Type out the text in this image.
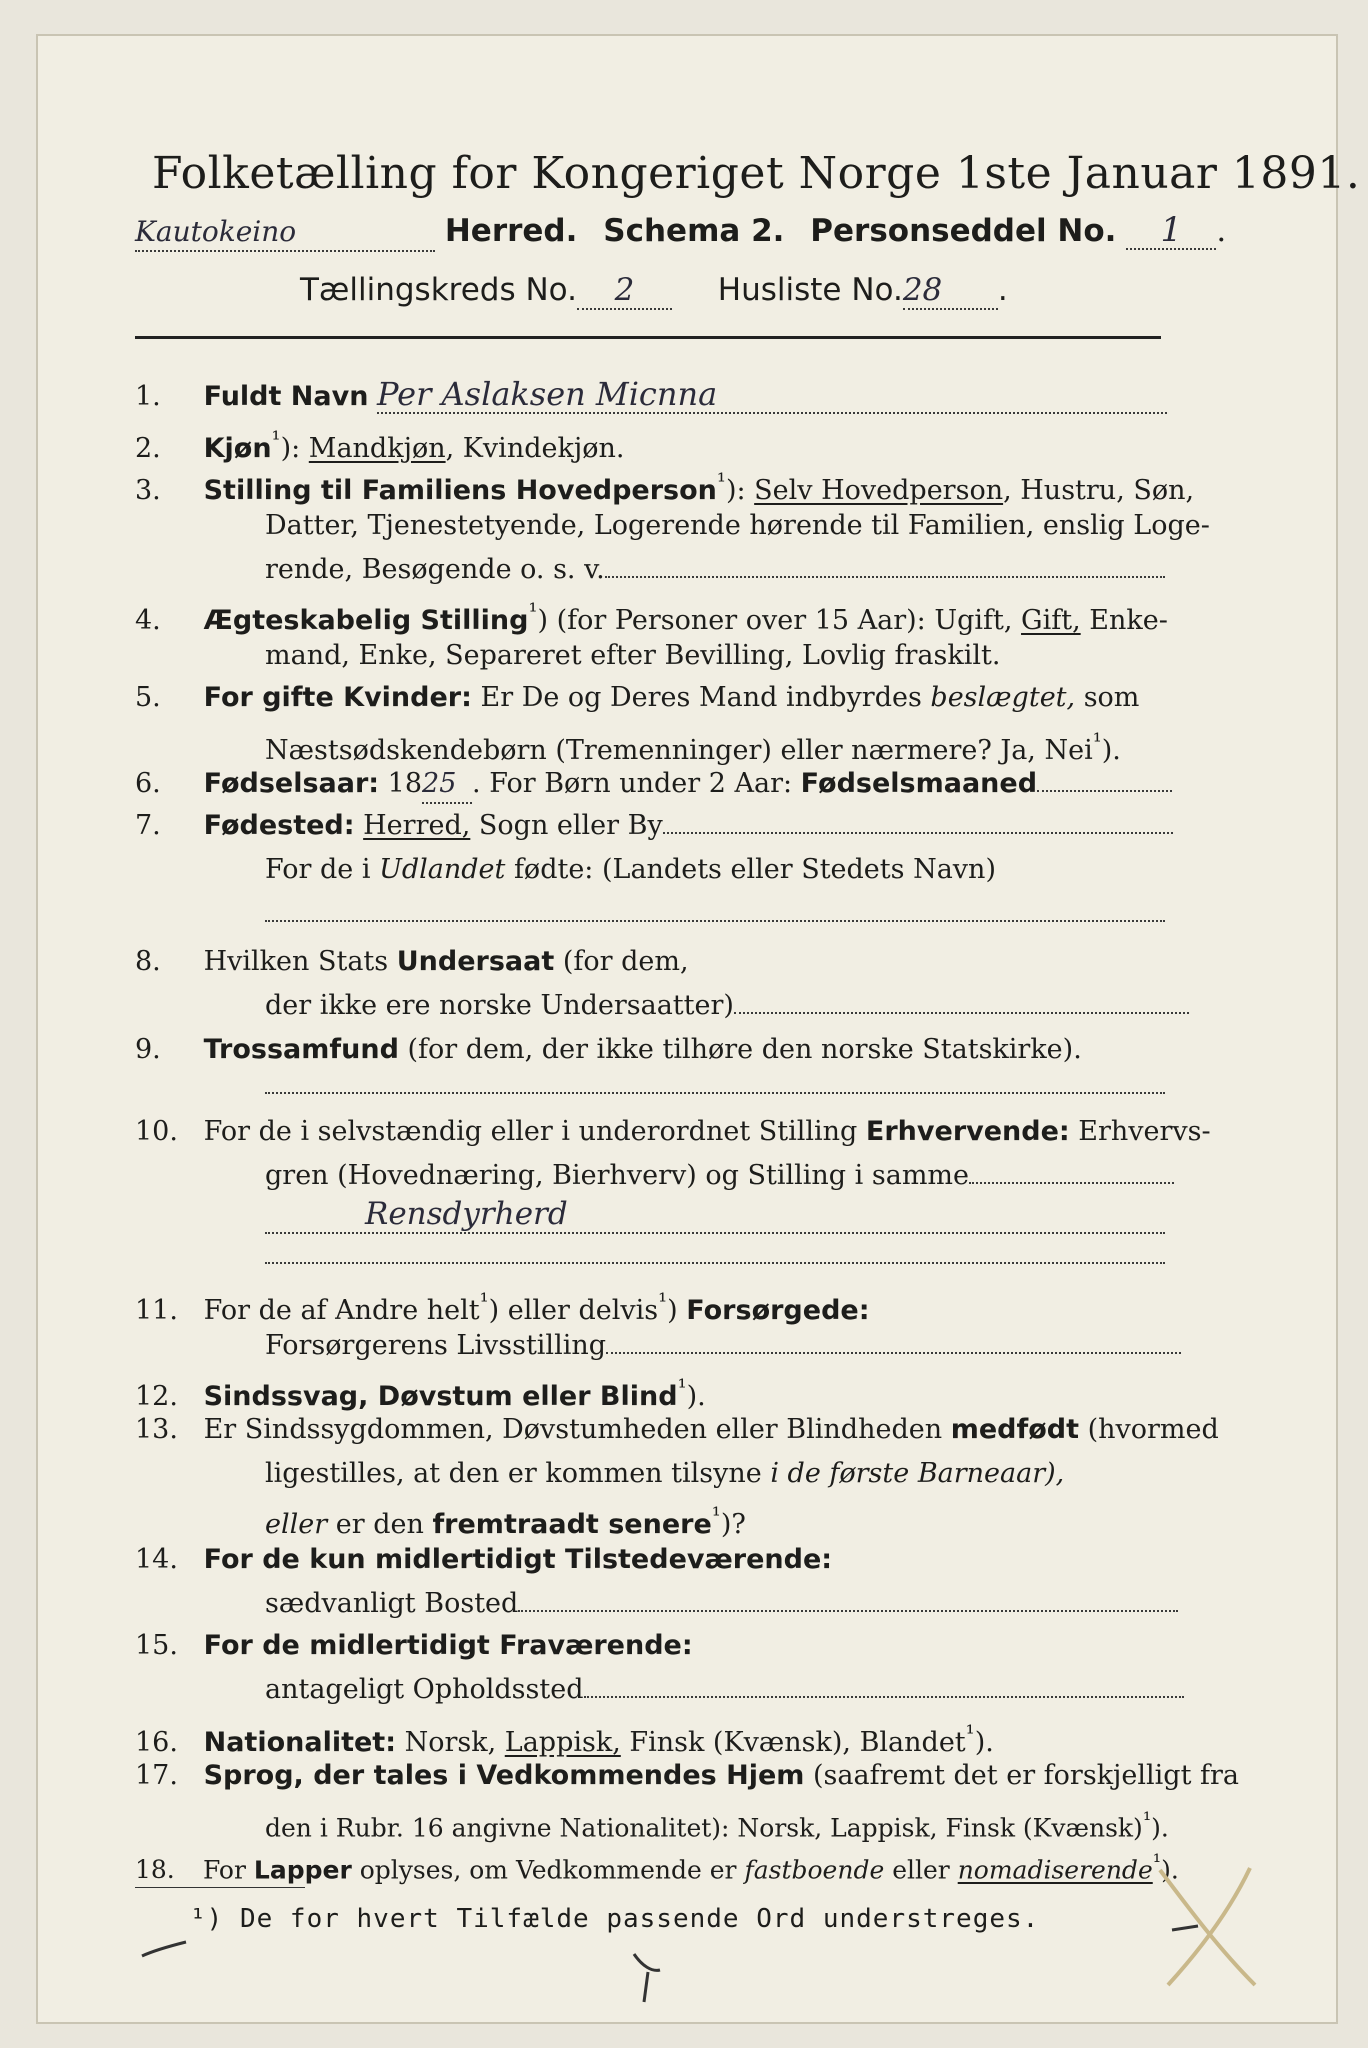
Folketælling for Kongeriget Norge 1ste Januar 1891.
Kautokeino	Herred. Schema 2. Personseddel No. 1 .
Tællingskreds No. 2	Husliste No.28 .
1. Fuldt Navn Per Aslaksen Micnna
2. Kjøn$^{^1}$): Mandkjøn, Kvindekjøn.
3. Stilling til Familiens Hovedperson$^{^1}$): Selv Hovedperson, Hustru, Søn,
Datter, Tjenestetyende, Logerende hørende til Familien, enslig Loge-
rende, Besøgende o. s. v.
4. Ægteskabelig Stilling$^{^1}$) (for Personer over 15 Aar): Ugift, Gift, Enke-
mand, Enke, Separeret efter Bevilling, Lovlig fraskilt.
5. For gifte Kvinder: Er De og Deres Mand indbyrdes beslægtet, som
Næstsødskendebørn (Tremenninger) eller nærmere? Ja, Nei$^{^1}$).
6. Fødselsaar: 1825 . For Børn under 2 Aar: Fødselsmaaned
7. Fødested: Herred, Sogn eller By
For de i Udlandet fødte: (Landets eller Stedets Navn)
8. Hvilken Stats Undersaat (for dem,
der ikke ere norske Undersaatter)
9. Trossamfund (for dem, der ikke tilhøre den norske Statskirke).
10. For de i selvstændig eller i underordnet Stilling Erhvervende: Erhvervs-
gren (Hovednæring, Bierhverv) og Stilling i samme
Rensdyrherd
11. For de af Andre helt$^{^1}$) eller delvis$^{^1}$) Forsørgede:
Forsørgerens Livsstilling
12. Sindssvag, Døvstum eller Blind$^{^1}$).
13. Er Sindssygdommen, Døvstumheden eller Blindheden medfødt (hvormed
ligestilles, at den er kommen tilsyne i de første Barneaar),
eller er den fremtraadt senere$^{^1}$)?
14. For de kun midlertidigt Tilstedeværende:
sædvanligt Bosted
15. For de midlertidigt Fraværende:
antageligt Opholdssted
16. Nationalitet: Norsk, Lappisk, Finsk (Kvænsk), Blandet$^{^1}$).
17. Sprog, der tales i Vedkommendes Hjem (saafremt det er forskjelligt fra
den i Rubr. 16 angivne Nationalitet): Norsk, Lappisk, Finsk (Kvænsk)$^{^1}$).
18. For Lapper oplyses, om Vedkommende er fastboende eller nomadiserende$^{^1}$).
¹) De for hvert Tilfælde passende Ord understreges.
